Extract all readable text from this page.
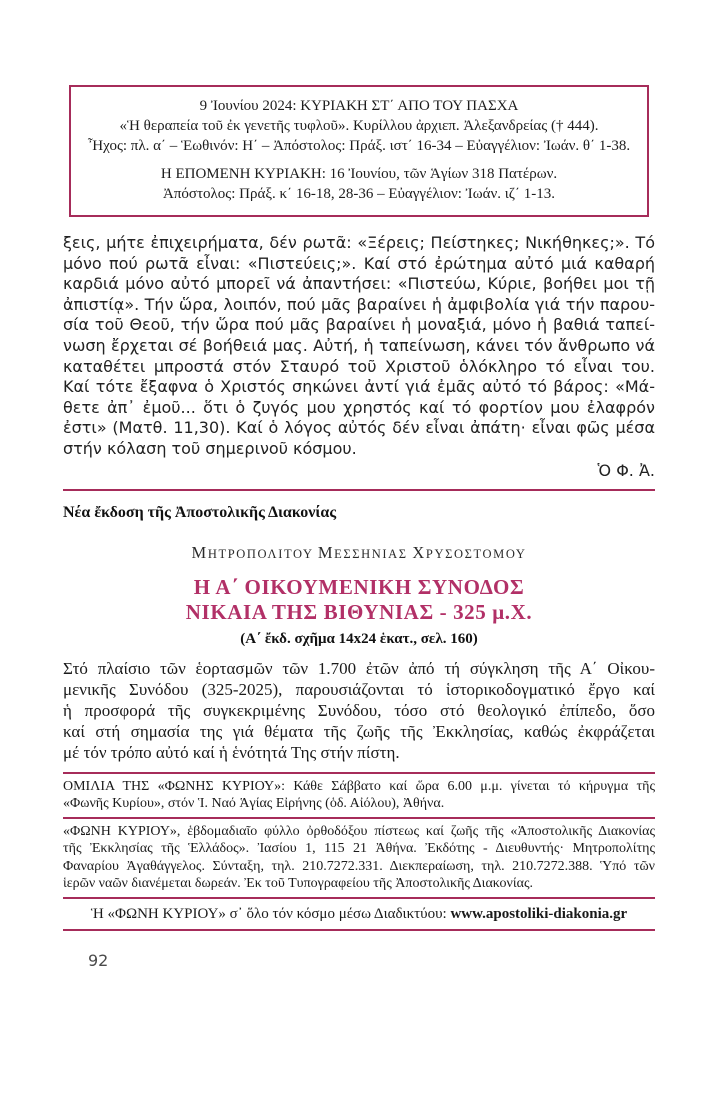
9 Ἰουνίου 2024: ΚΥΡΙΑΚΗ ΣΤ΄ ΑΠΟ ΤΟΥ ΠΑΣΧΑ
«Ἡ θεραπεία τοῦ ἐκ γενετῆς τυφλοῦ». Κυρίλλου ἀρχιεπ. Ἀλεξανδρείας († 444).
Ἦχος: πλ. α΄ – Ἑωθινόν: Η΄ – Ἀπόστολος: Πράξ. ιστ΄ 16-34 – Εὐαγγέλιον: Ἰωάν. θ΄ 1-38.
Η ΕΠΟΜΕΝΗ ΚΥΡΙΑΚΗ: 16 Ἰουνίου, τῶν Ἁγίων 318 Πατέρων.
Ἀπόστολος: Πράξ. κ΄ 16-18, 28-36 – Εὐαγγέλιον: Ἰωάν. ιζ΄ 1-13.
ξεις, μήτε ἐπιχειρήματα, δέν ρωτᾶ: «Ξέρεις; Πείστηκες; Νικήθηκες;». Τό
μόνο πού ρωτᾶ εἶναι: «Πιστεύεις;». Καί στό ἐρώτημα αὐτό μιά καθαρή
καρδιά μόνο αὐτό μπορεῖ νά ἀπαντήσει: «Πιστεύω, Κύριε, βοήθει μοι τῇ
ἀπιστίᾳ». Τήν ὥρα, λοιπόν, πού μᾶς βαραίνει ἡ ἀμφιβολία γιά τήν παρου-
σία τοῦ Θεοῦ, τήν ὥρα πού μᾶς βαραίνει ἡ μοναξιά, μόνο ἡ βαθιά ταπεί-
νωση ἔρχεται σέ βοήθειά μας. Αὐτή, ἡ ταπείνωση, κάνει τόν ἄνθρωπο νά
καταθέτει μπροστά στόν Σταυρό τοῦ Χριστοῦ ὁλόκληρο τό εἶναι του.
Καί τότε ἔξαφνα ὁ Χριστός σηκώνει ἀντί γιά ἐμᾶς αὐτό τό βάρος: «Μά-
θετε ἀπ᾿ ἐμοῦ... ὅτι ὁ ζυγός μου χρηστός καί τό φορτίον μου ἐλαφρόν
ἐστι» (Ματθ. 11,30). Καί ὁ λόγος αὐτός δέν εἶναι ἀπάτη· εἶναι φῶς μέσα
στήν κόλαση τοῦ σημερινοῦ κόσμου.
Ὁ Φ. Ἀ.
Νέα ἔκδοση τῆς Ἀποστολικῆς Διακονίας
ΜΗΤΡΟΠΟΛΙΤΟΥ ΜΕΣΣΗΝΙΑΣ ΧΡΥΣΟΣΤΟΜΟΥ
Η Α΄ ΟΙΚΟΥΜΕΝΙΚΗ ΣΥΝΟΔΟΣ
ΝΙΚΑΙΑ ΤΗΣ ΒΙΘΥΝΙΑΣ - 325 μ.Χ.
(Α΄ ἔκδ. σχῆμα 14x24 ἑκατ., σελ. 160)
Στό πλαίσιο τῶν ἑορτασμῶν τῶν 1.700 ἐτῶν ἀπό τή σύγκληση τῆς Α΄ Οἰκου-
μενικῆς Συνόδου (325-2025), παρουσιάζονται τό ἱστορικοδογματικό ἔργο καί
ἡ προσφορά τῆς συγκεκριμένης Συνόδου, τόσο στό θεολογικό ἐπίπεδο, ὅσο
καί στή σημασία της γιά θέματα τῆς ζωῆς τῆς Ἐκκλησίας, καθώς ἐκφράζεται
μέ τόν τρόπο αὐτό καί ἡ ἑνότητά Της στήν πίστη.
ΟΜΙΛΙΑ ΤΗΣ «ΦΩΝΗΣ ΚΥΡΙΟΥ»: Κάθε Σάββατο καί ὥρα 6.00 μ.μ. γίνεται τό κήρυγμα τῆς
«Φωνῆς Κυρίου», στόν Ἱ. Ναό Ἁγίας Εἰρήνης (ὁδ. Αἰόλου), Ἀθήνα.
«ΦΩΝΗ ΚΥΡΙΟΥ», ἑβδομαδιαῖο φύλλο ὀρθοδόξου πίστεως καί ζωῆς τῆς «Ἀποστολικῆς Διακονίας
τῆς Ἐκκλησίας τῆς Ἑλλάδος». Ἰασίου 1, 115 21 Ἀθήνα. Ἐκδότης - Διευθυντής· Μητροπολίτης
Φαναρίου Ἀγαθάγγελος. Σύνταξη, τηλ. 210.7272.331. Διεκπεραίωση, τηλ. 210.7272.388. Ὑπό τῶν
ἱερῶν ναῶν διανέμεται δωρεάν. Ἐκ τοῦ Τυπογραφείου τῆς Ἀποστολικῆς Διακονίας.
Ἡ «ΦΩΝΗ ΚΥΡΙΟΥ» σ᾿ ὅλο τόν κόσμο μέσω Διαδικτύου: www.apostoliki-diakonia.gr
92
